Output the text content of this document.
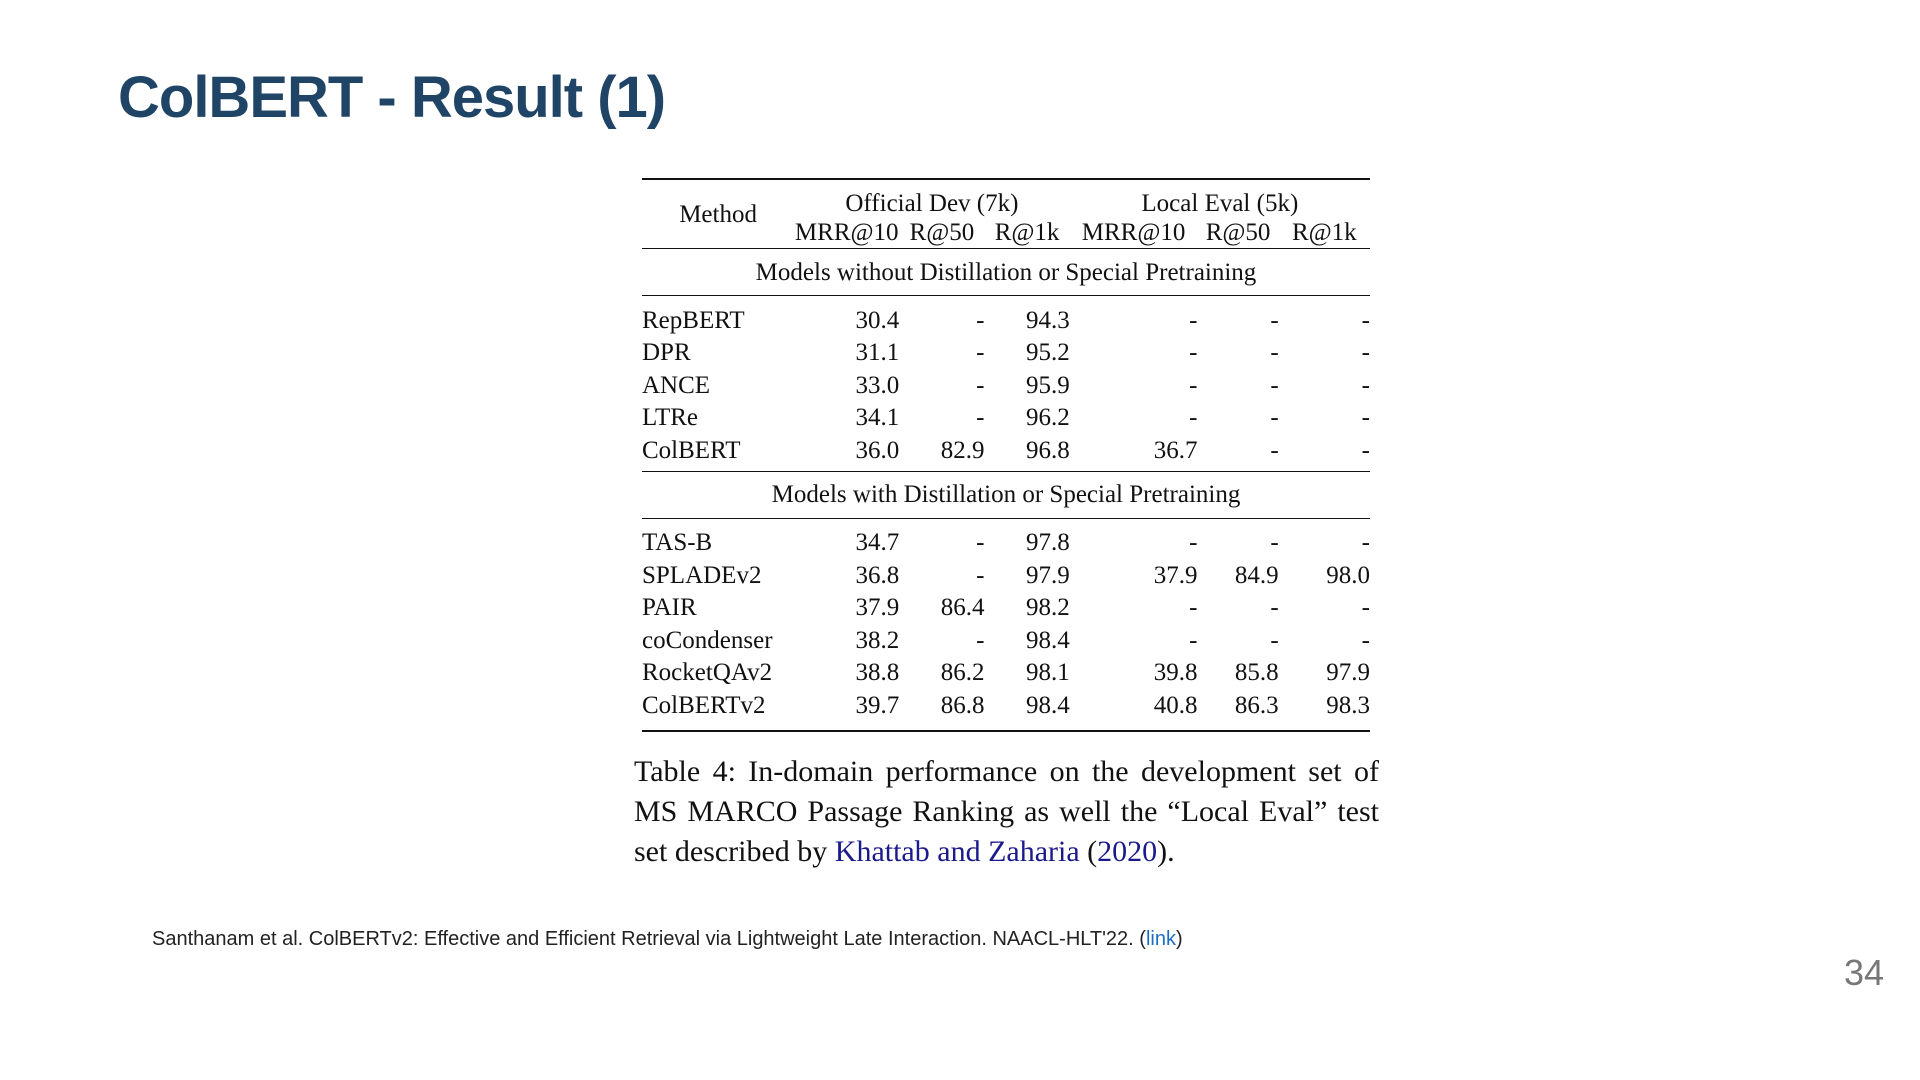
ColBERT - Result (1)

Method	Official Dev (7k)			Local Eval (5k)		
	MRR@10	R@50	R@1k	MRR@10	R@50	R@1k
Models without Distillation or Special Pretraining						
RepBERT	30.4	-	94.3	-	-	-
DPR	31.1	-	95.2	-	-	-
ANCE	33.0	-	95.9	-	-	-
LTRe	34.1	-	96.2	-	-	-
ColBERT	36.0	82.9	96.8	36.7	-	-
Models with Distillation or Special Pretraining						
TAS-B	34.7	-	97.8	-	-	-
SPLADEv2	36.8	-	97.9	37.9	84.9	98.0
PAIR	37.9	86.4	98.2	-	-	-
coCondenser	38.2	-	98.4	-	-	-
RocketQAv2	38.8	86.2	98.1	39.8	85.8	97.9
ColBERTv2	39.7	86.8	98.4	40.8	86.3	98.3

Table 4: In-domain performance on the development set of MS MARCO Passage Ranking as well the “Local Eval” test set described by Khattab and Zaharia (2020).
Santhanam et al. ColBERTv2: Effective and Efficient Retrieval via Lightweight Late Interaction. NAACL-HLT'22. (link)
34
